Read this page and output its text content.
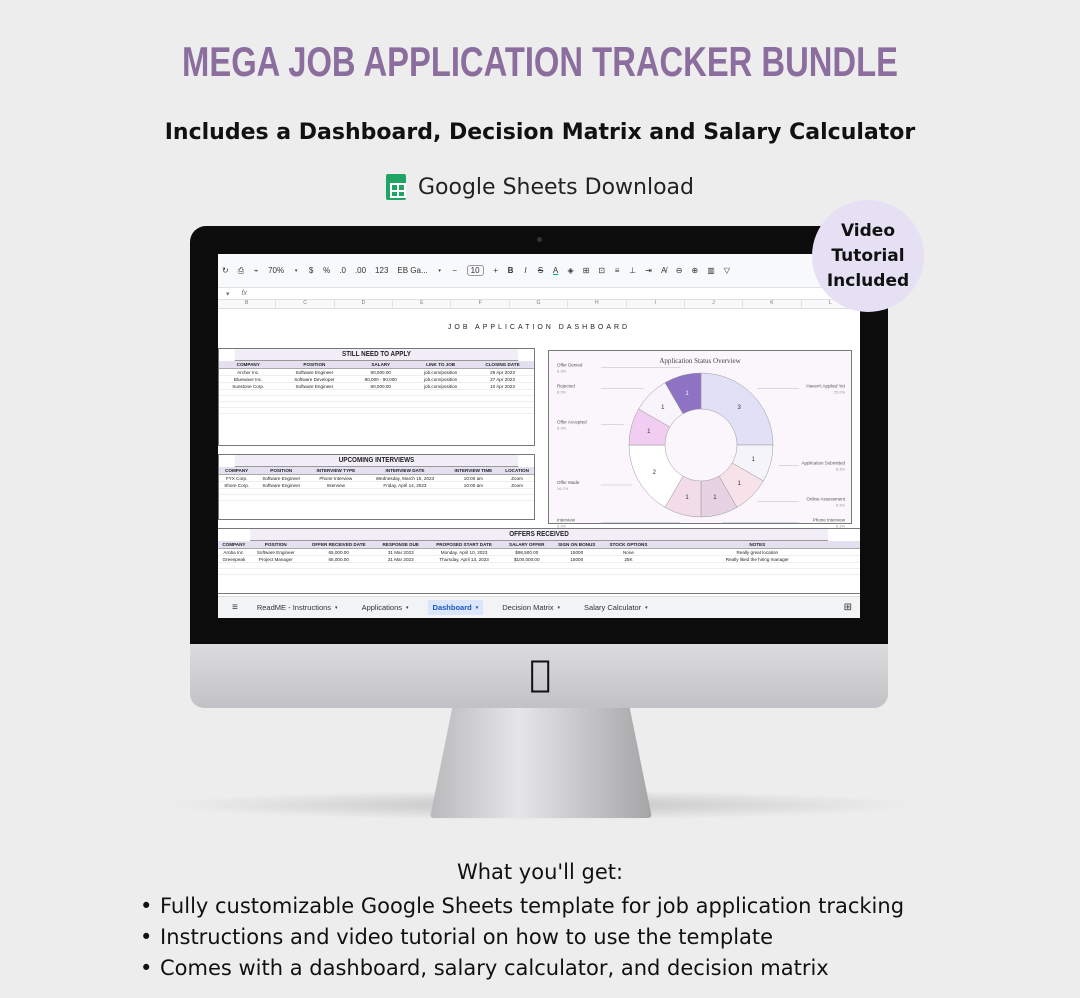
MEGA JOB APPLICATION TRACKER BUNDLE
Includes a Dashboard, Decision Matrix and Salary Calculator
Google Sheets Download
Video
Tutorial
Included
↻ ⎙ ⌁ 70%	▾ $ % .0 .00 123 EB Ga...	▾ −	10	+ B I S A ◈ ⊞ ⊡ ≡ ⊥ ⇥ A̸ ⊖ ⊕ ▥ ▽
▾ fx
B	C	D	E	F	G	H	I	J	K	L
JOB APPLICATION DASHBOARD
STILL NEED TO APPLY
COMPANY	POSITION	SALARY	LINK TO JOB	CLOSING DATE
Archer Inc.	Software Engineer	80,000.00	job.com/position	28 Apr 2023
Bluewave Inc.	Software Developer	80,000 - 90,000	job.com/position	27 Apr 2023
Sunstone Corp.	Software Engineer	80,000.00	job.com/position	10 Apr 2023

UPCOMING INTERVIEWS
COMPANY	POSITION	INTERVIEW TYPE	INTERVIEW DATE	INTERVIEW TIME	LOCATION
FYX Corp.	Software Engineer	Phone Interview	Wednesday, March 15, 2023	10:00 am	Zoom
Shore Corp.	Software Engineer	Interview	Friday, April 14, 2023	10:00 am	Zoom

Application Status Overview
3
Haven't Applied Yet
25.0%
1
Application Submitted
8.3%
1
Online Assessment
8.3%
1
Phone Interview
8.3%
1
Interview
8.3%
2
Offer Made
16.7%
1
Offer Accepted
8.3%
1
Rejected
8.3%	1
Offer Denied
8.3%
OFFERS RECEIVED
COMPANY	POSITION	OFFER RECEIVED DATE	RESPONSE DUE	PROPOSED START DATE	SALARY OFFER	SIGN ON BONUS	STOCK OPTIONS	NOTES
Aroba Inc.	Software Engineer	65,000.00	31 Mar 2023	Monday, April 10, 2023	$98,500.00	15000	None	Really great location
Greenpeak	Project Manager	65,000.00	31 Mar 2023	Thursday, April 13, 2023	$100,000.00	15000	25K	Really liked the hiring manager

≡	ReadME - Instructions ▾	Applications ▾	Dashboard ▾	Decision Matrix ▾	Salary Calculator ▾	⊞
What you'll get:
• Fully customizable Google Sheets template for job application tracking
• Instructions and video tutorial on how to use the template
• Comes with a dashboard, salary calculator, and decision matrix
